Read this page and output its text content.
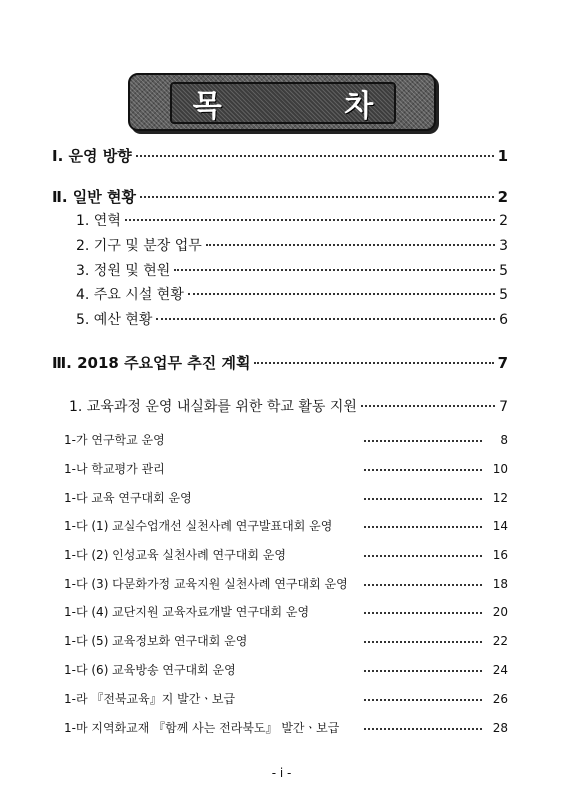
목 차
Ⅰ. 운영 방향	1
Ⅱ. 일반 현황	2
1. 연혁	2
2. 기구 및 분장 업무	3
3. 정원 및 현원	5
4. 주요 시설 현황	5
5. 예산 현황	6
Ⅲ. 2018 주요업무 추진 계획	7
1. 교육과정 운영 내실화를 위한 학교 활동 지원	7
1-가 연구학교 운영	8
1-나 학교평가 관리	10
1-다 교육 연구대회 운영	12
1-다 (1) 교실수업개선 실천사례 연구발표대회 운영	14
1-다 (2) 인성교육 실천사례 연구대회 운영	16
1-다 (3) 다문화가정 교육지원 실천사례 연구대회 운영	18
1-다 (4) 교단지원 교육자료개발 연구대회 운영	20
1-다 (5) 교육정보화 연구대회 운영	22
1-다 (6) 교육방송 연구대회 운영	24
1-라 『전북교육』지 발간ㆍ보급	26
1-마 지역화교재 『함께 사는 전라북도』 발간ㆍ보급	28
- i -
